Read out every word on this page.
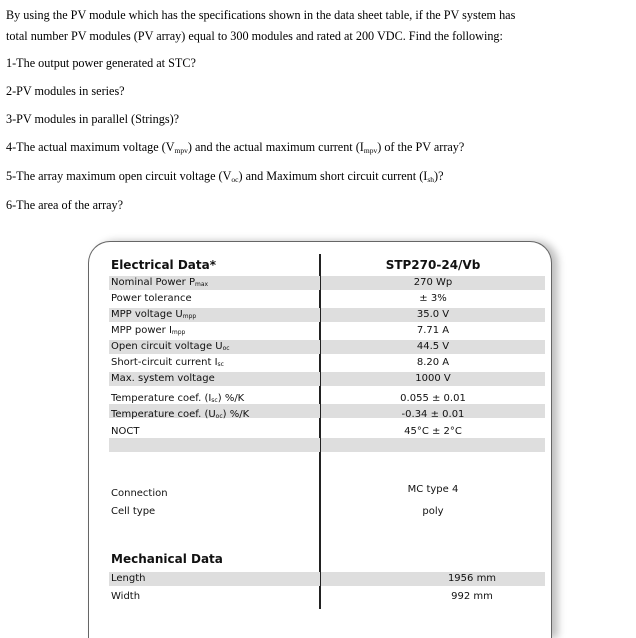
By using the PV module which has the specifications shown in the data sheet table, if the PV system has
total number PV modules (PV array) equal to 300 modules and rated at 200 VDC. Find the following:
1-The output power generated at STC?
2-PV modules in series?
3-PV modules in parallel (Strings)?
4-The actual maximum voltage $(V_{mpv})$ and the actual maximum current $(I_{mpv})$ of the PV array?
5-The array maximum open circuit voltage $(V_{oc})$ and Maximum short circuit current $(I_{sh})$?
6-The area of the array?
Electrical Data*	STP270-24/Vb
Nominal Power $P_{max}$	270 Wp
Power tolerance	± 3%
MPP voltage $U_{mpp}$	35.0 V
MPP power $I_{mpp}$	7.71 A
Open circuit voltage $U_{oc}$	44.5 V
Short-circuit current $I_{sc}$	8.20 A
Max. system voltage	1000 V
Temperature coef. $(I_{sc})$ %/K	0.055 ± 0.01
Temperature coef. $(U_{oc})$ %/K	-0.34 ± 0.01
NOCT	45°C ± 2°C
Connection	MC type 4
Cell type	poly
Mechanical Data
Length	1956 mm
Width	992 mm
